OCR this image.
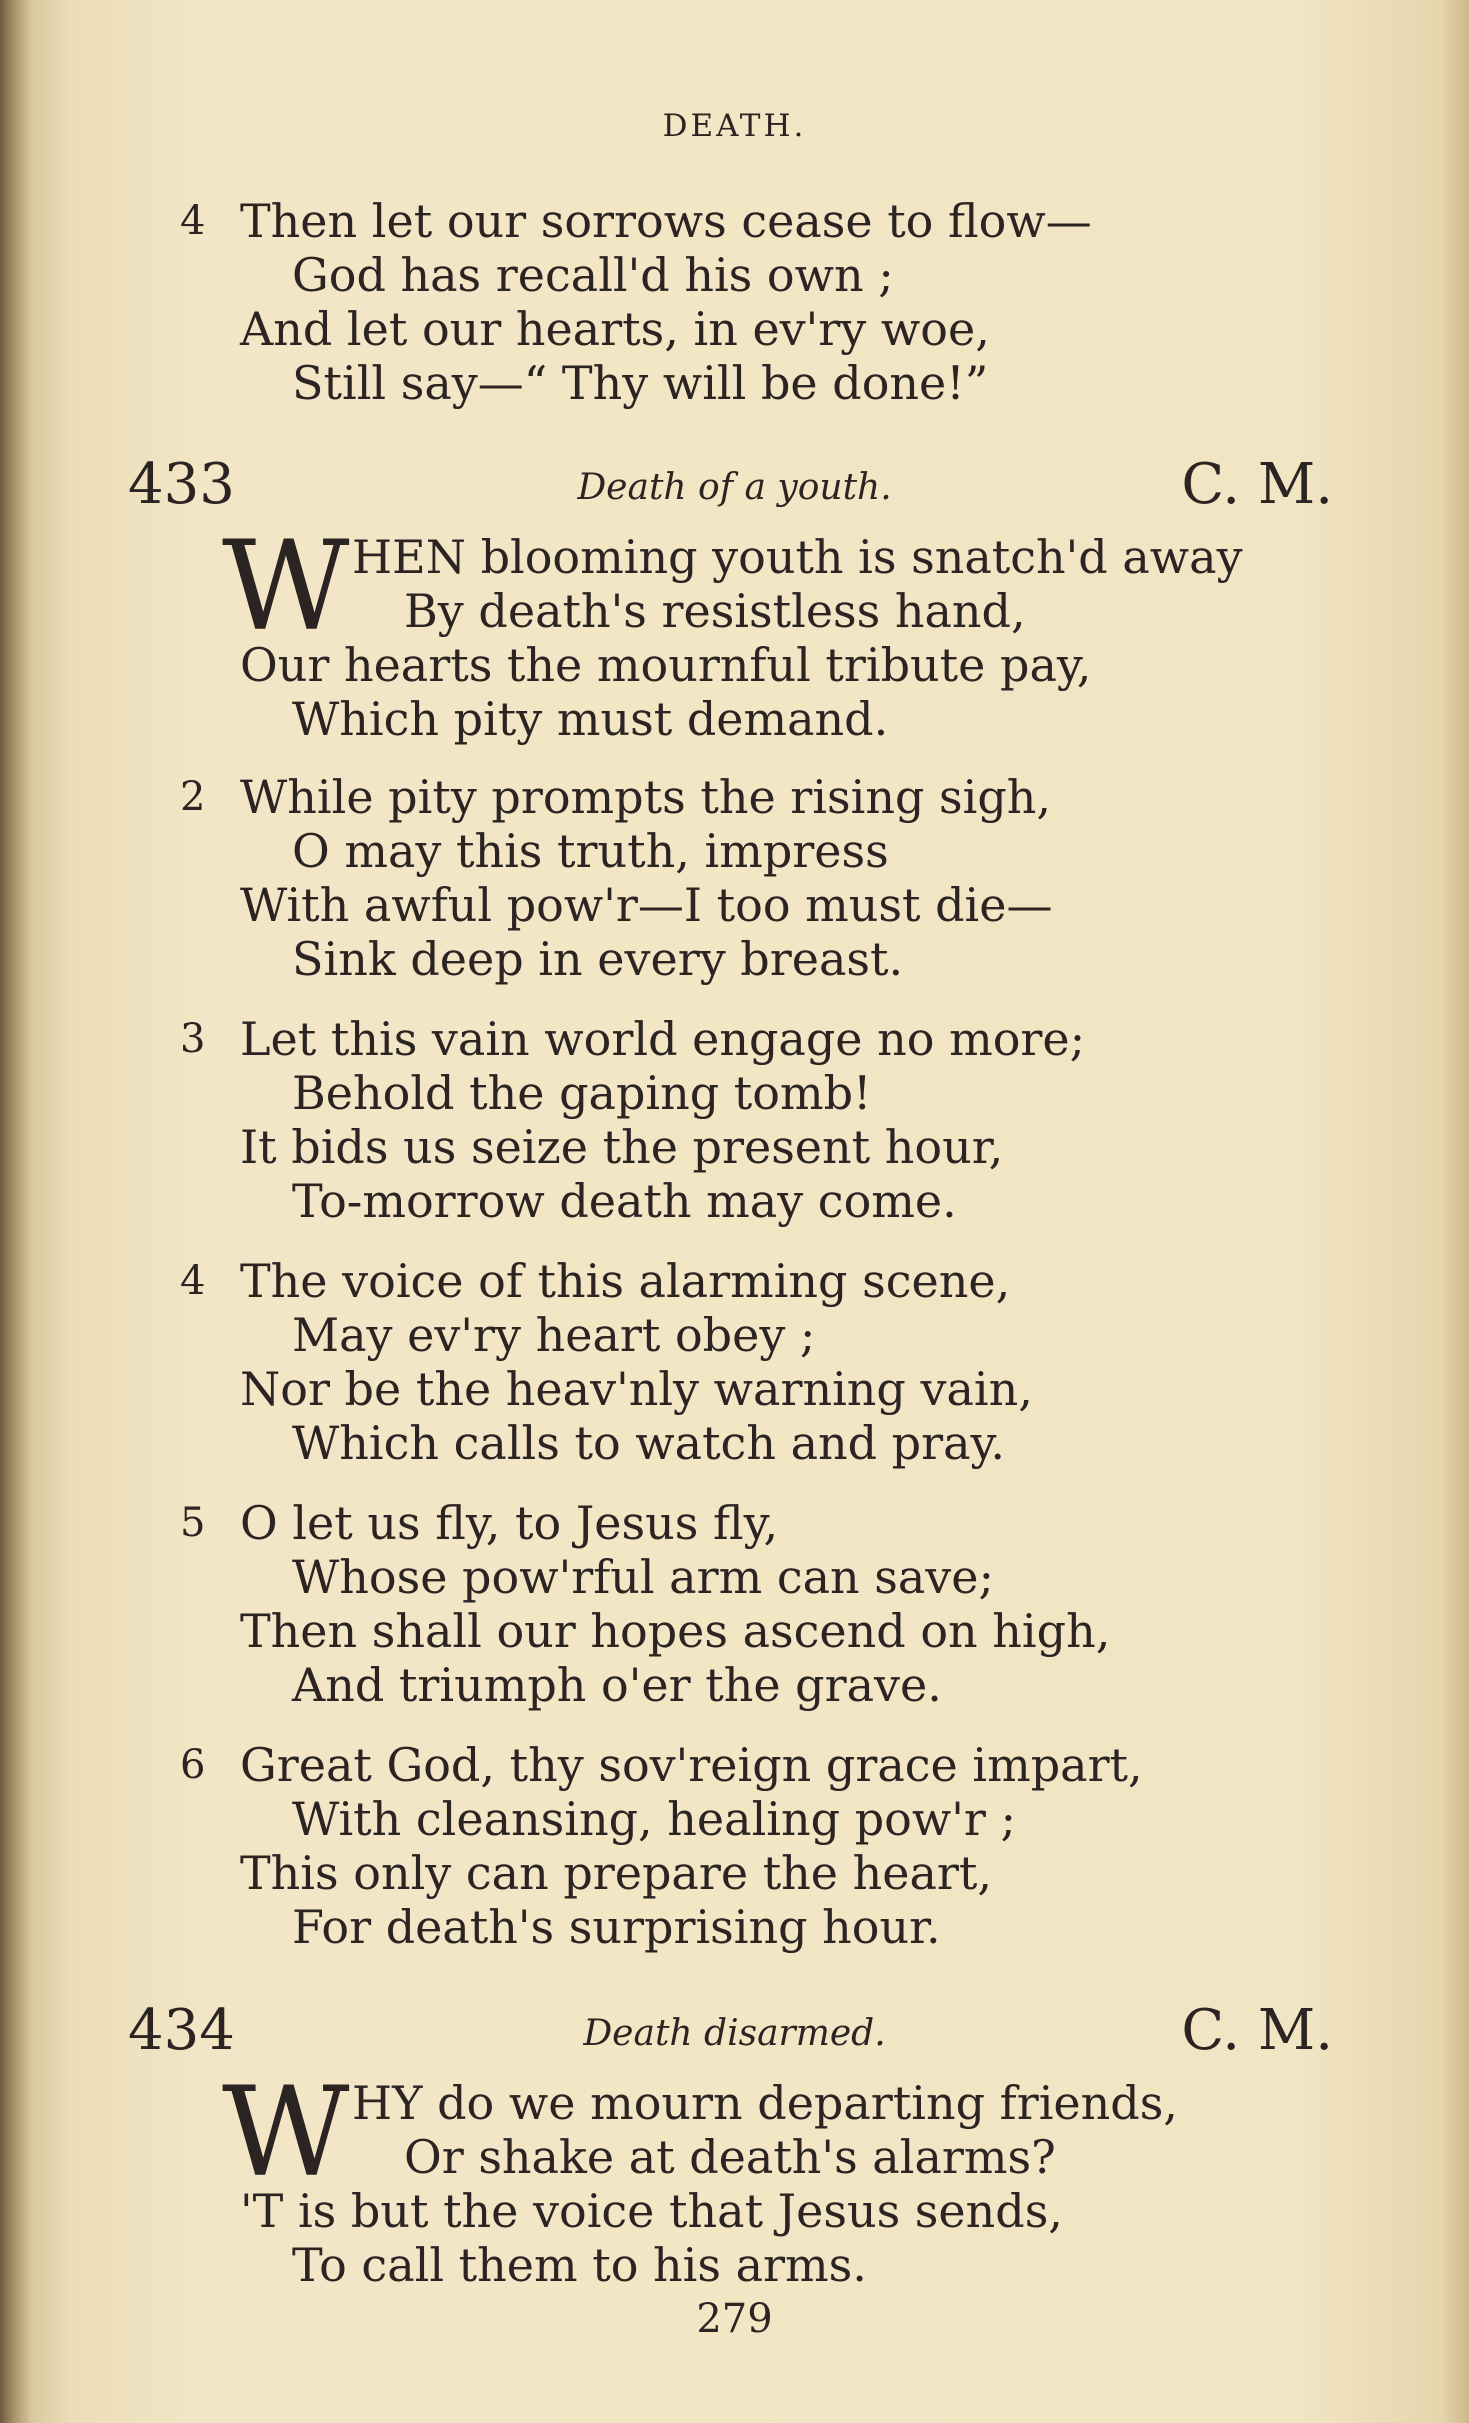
DEATH.
4 Then let our sorrows cease to flow—
God has recall'd his own ;
And let our hearts, in ev'ry woe,
Still say—“ Thy will be done!”
433	Death of a youth.	C. M.
W HEN blooming youth is snatch'd away
By death's resistless hand,
Our hearts the mournful tribute pay,
Which pity must demand.
2 While pity prompts the rising sigh,
O may this truth, impress
With awful pow'r—I too must die—
Sink deep in every breast.
3 Let this vain world engage no more;
Behold the gaping tomb!
It bids us seize the present hour,
To-morrow death may come.
4 The voice of this alarming scene,
May ev'ry heart obey ;
Nor be the heav'nly warning vain,
Which calls to watch and pray.
5 O let us fly, to Jesus fly,
Whose pow'rful arm can save;
Then shall our hopes ascend on high,
And triumph o'er the grave.
6 Great God, thy sov'reign grace impart,
With cleansing, healing pow'r ;
This only can prepare the heart,
For death's surprising hour.
434	Death disarmed.	C. M.
W HY do we mourn departing friends,
Or shake at death's alarms?
'T is but the voice that Jesus sends,
To call them to his arms.
279
